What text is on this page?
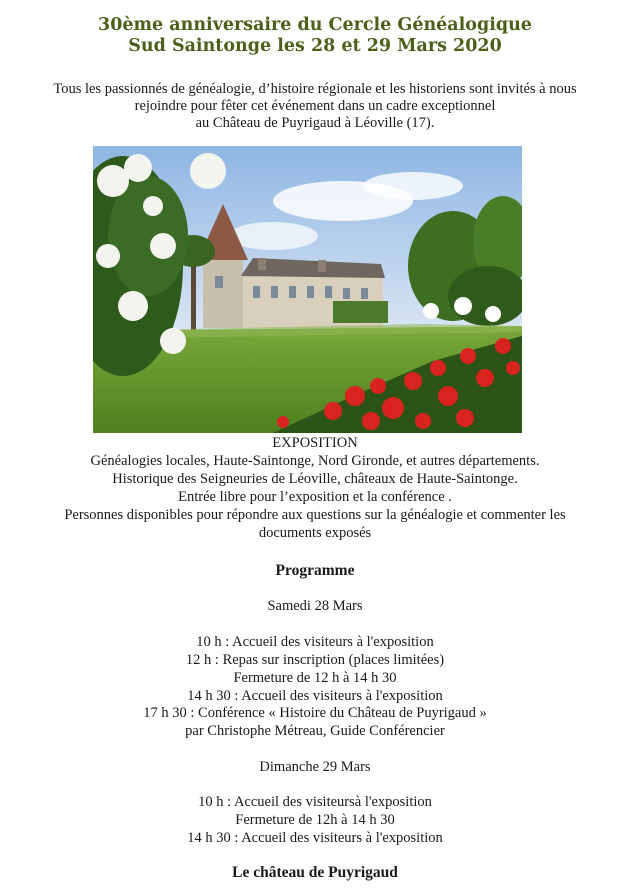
30ème anniversaire du Cercle Généalogique
Sud Saintonge les 28 et 29 Mars 2020
Tous les passionnés de généalogie, d’histoire régionale et les historiens sont invités à nous
rejoindre pour fêter cet événement dans un cadre exceptionnel
au Château de Puyrigaud à Léoville (17).
EXPOSITION
Généalogies locales, Haute-Saintonge, Nord Gironde, et autres départements.
Historique des Seigneuries de Léoville, châteaux de Haute-Saintonge.
Entrée libre pour l’exposition et la conférence .
Personnes disponibles pour répondre aux questions sur la généalogie et commenter les
documents exposés
Programme
Samedi 28 Mars
10 h : Accueil des visiteurs à l'exposition
12 h : Repas sur inscription (places limitées)
Fermeture de 12 h à 14 h 30
14 h 30 : Accueil des visiteurs à l'exposition
17 h 30 : Conférence « Histoire du Château de Puyrigaud »
par Christophe Métreau, Guide Conférencier
Dimanche 29 Mars
10 h : Accueil des visiteursà l'exposition
Fermeture de 12h à 14 h 30
14 h 30 : Accueil des visiteurs à l'exposition
Le château de Puyrigaud
